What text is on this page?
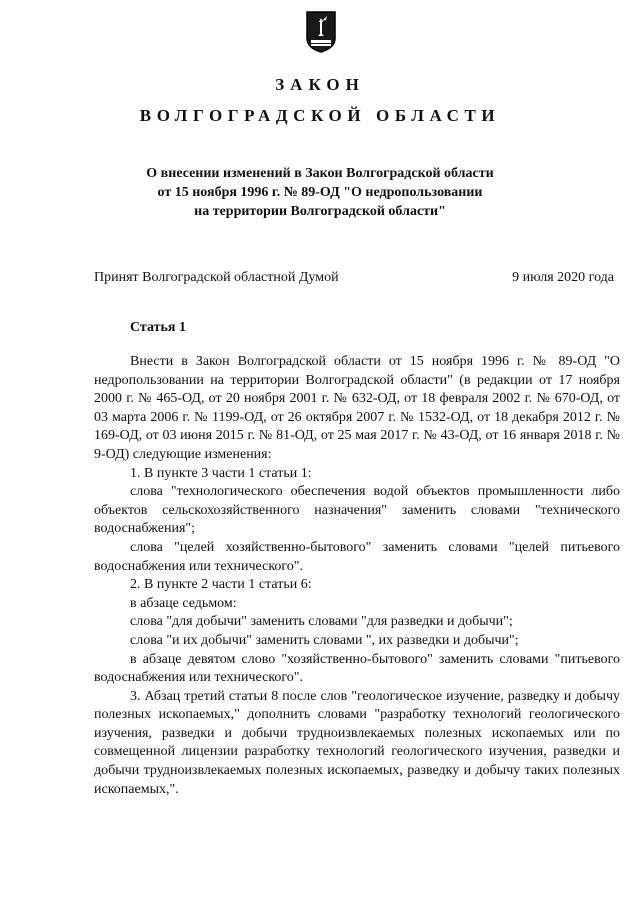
ЗАКОН
ВОЛГОГРАДСКОЙ ОБЛАСТИ
О внесении изменений в Закон Волгоградской области
от 15 ноября 1996 г. № 89-ОД "О недропользовании
на территории Волгоградской области"
Принят Волгоградской областной Думой	9 июля 2020 года
Статья 1

Внести в Закон Волгоградской области от 15 ноября 1996 г. № 89-ОД "О недропользовании на территории Волгоградской области" (в редакции от 17 ноября 2000 г. № 465-ОД, от 20 ноября 2001 г. № 632-ОД, от 18 февраля 2002 г. № 670-ОД, от 03 марта 2006 г. № 1199-ОД, от 26 октября 2007 г. № 1532-ОД, от 18 декабря 2012 г. № 169-ОД, от 03 июня 2015 г. № 81-ОД, от 25 мая 2017 г. № 43-ОД, от 16 января 2018 г. № 9-ОД) следующие изменения:

1. В пункте 3 части 1 статьи 1:

слова "технологического обеспечения водой объектов промышленности либо объектов сельскохозяйственного назначения" заменить словами "технического водоснабжения";

слова "целей хозяйственно-бытового" заменить словами "целей питьевого водоснабжения или технического".

2. В пункте 2 части 1 статьи 6:

в абзаце седьмом:

слова "для добычи" заменить словами "для разведки и добычи";

слова "и их добычи" заменить словами ", их разведки и добычи";

в абзаце девятом слово "хозяйственно-бытового" заменить словами "питьевого водоснабжения или технического".

3. Абзац третий статьи 8 после слов "геологическое изучение, разведку и добычу полезных ископаемых," дополнить словами "разработку технологий геологического изучения, разведки и добычи трудноизвлекаемых полезных ископаемых или по совмещенной лицензии разработку технологий геологического изучения, разведки и добычи трудноизвлекаемых полезных ископаемых, разведку и добычу таких полезных ископаемых,".
